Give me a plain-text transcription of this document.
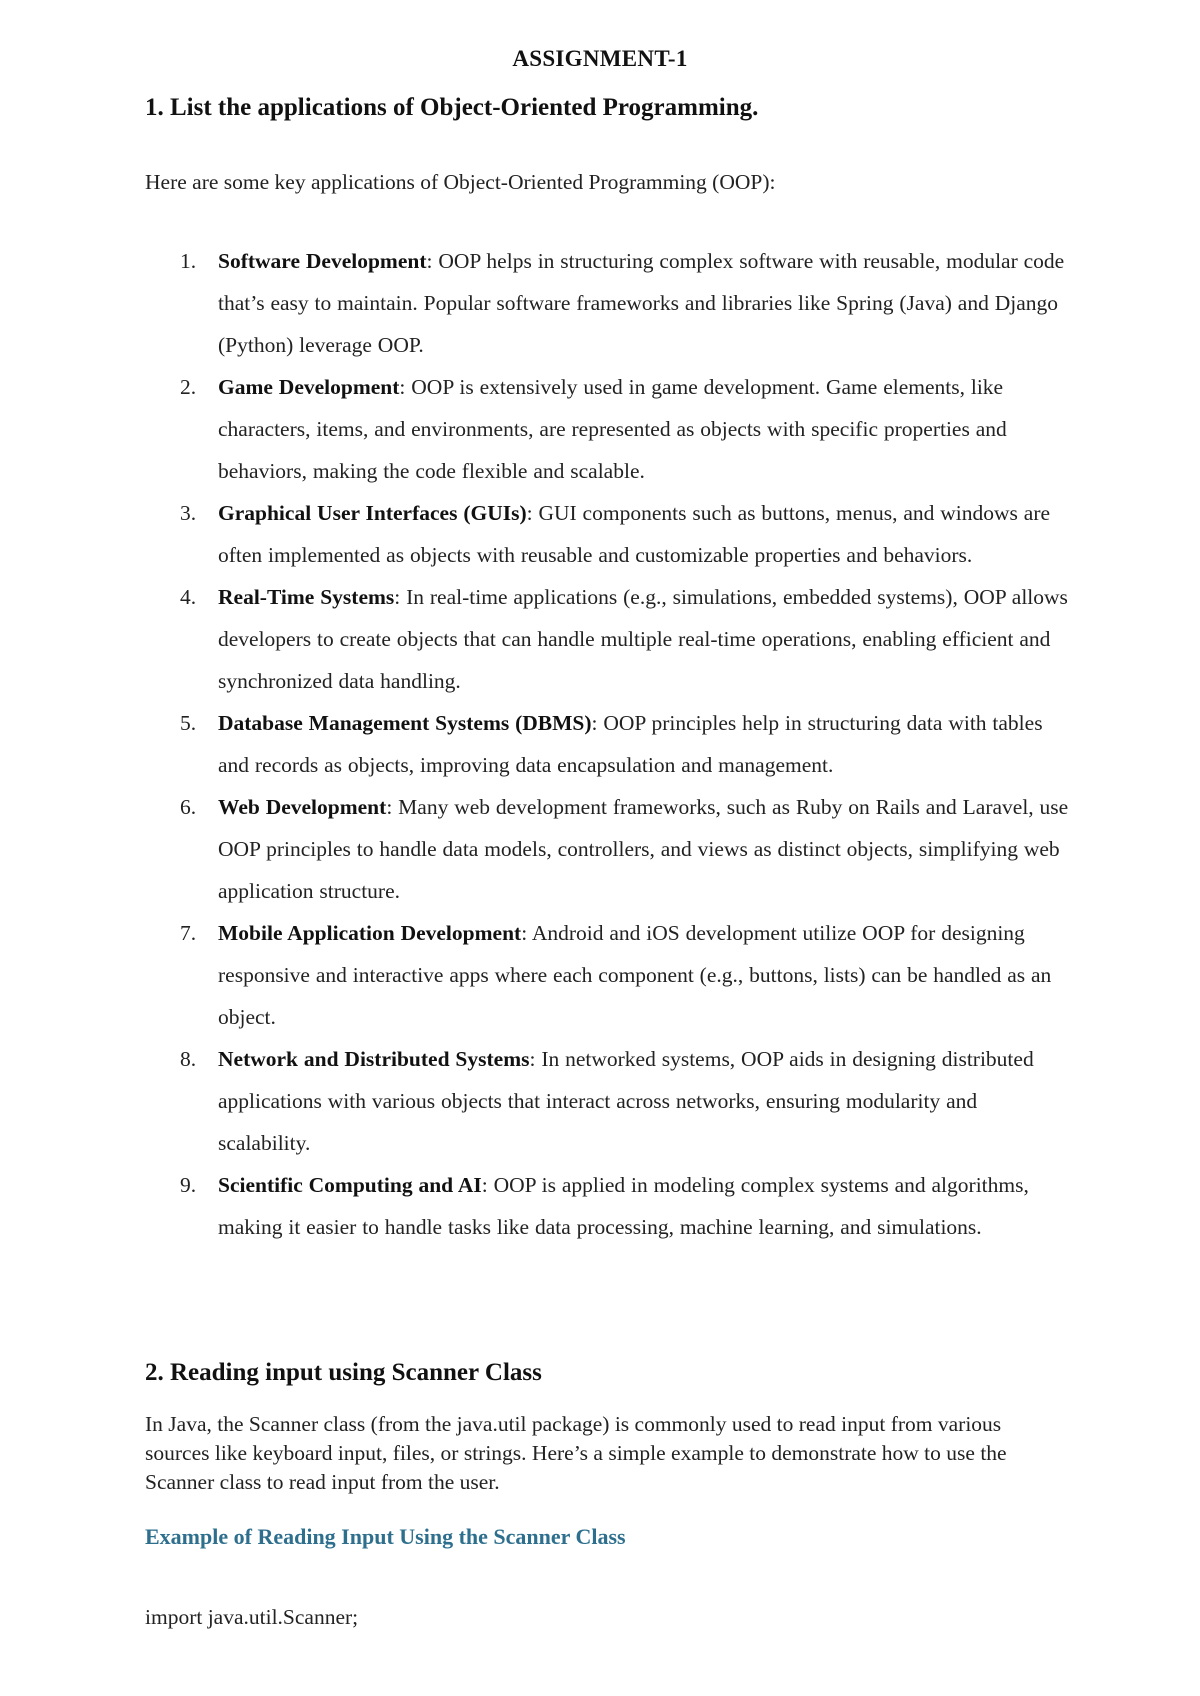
ASSIGNMENT-1
1. List the applications of Object-Oriented Programming.
Here are some key applications of Object-Oriented Programming (OOP):
1. Software Development: OOP helps in structuring complex software with reusable, modular code that’s easy to maintain. Popular software frameworks and libraries like Spring (Java) and Django (Python) leverage OOP.
2. Game Development: OOP is extensively used in game development. Game elements, like characters, items, and environments, are represented as objects with specific properties and behaviors, making the code flexible and scalable.
3. Graphical User Interfaces (GUIs): GUI components such as buttons, menus, and windows are often implemented as objects with reusable and customizable properties and behaviors.
4. Real-Time Systems: In real-time applications (e.g., simulations, embedded systems), OOP allows developers to create objects that can handle multiple real-time operations, enabling efficient and synchronized data handling.
5. Database Management Systems (DBMS): OOP principles help in structuring data with tables and records as objects, improving data encapsulation and management.
6. Web Development: Many web development frameworks, such as Ruby on Rails and Laravel, use OOP principles to handle data models, controllers, and views as distinct objects, simplifying web application structure.
7. Mobile Application Development: Android and iOS development utilize OOP for designing responsive and interactive apps where each component (e.g., buttons, lists) can be handled as an object.
8. Network and Distributed Systems: In networked systems, OOP aids in designing distributed applications with various objects that interact across networks, ensuring modularity and scalability.
9. Scientific Computing and AI: OOP is applied in modeling complex systems and algorithms, making it easier to handle tasks like data processing, machine learning, and simulations.
2. Reading input using Scanner Class
In Java, the Scanner class (from the java.util package) is commonly used to read input from various sources like keyboard input, files, or strings. Here’s a simple example to demonstrate how to use the Scanner class to read input from the user.
Example of Reading Input Using the Scanner Class
import java.util.Scanner;
